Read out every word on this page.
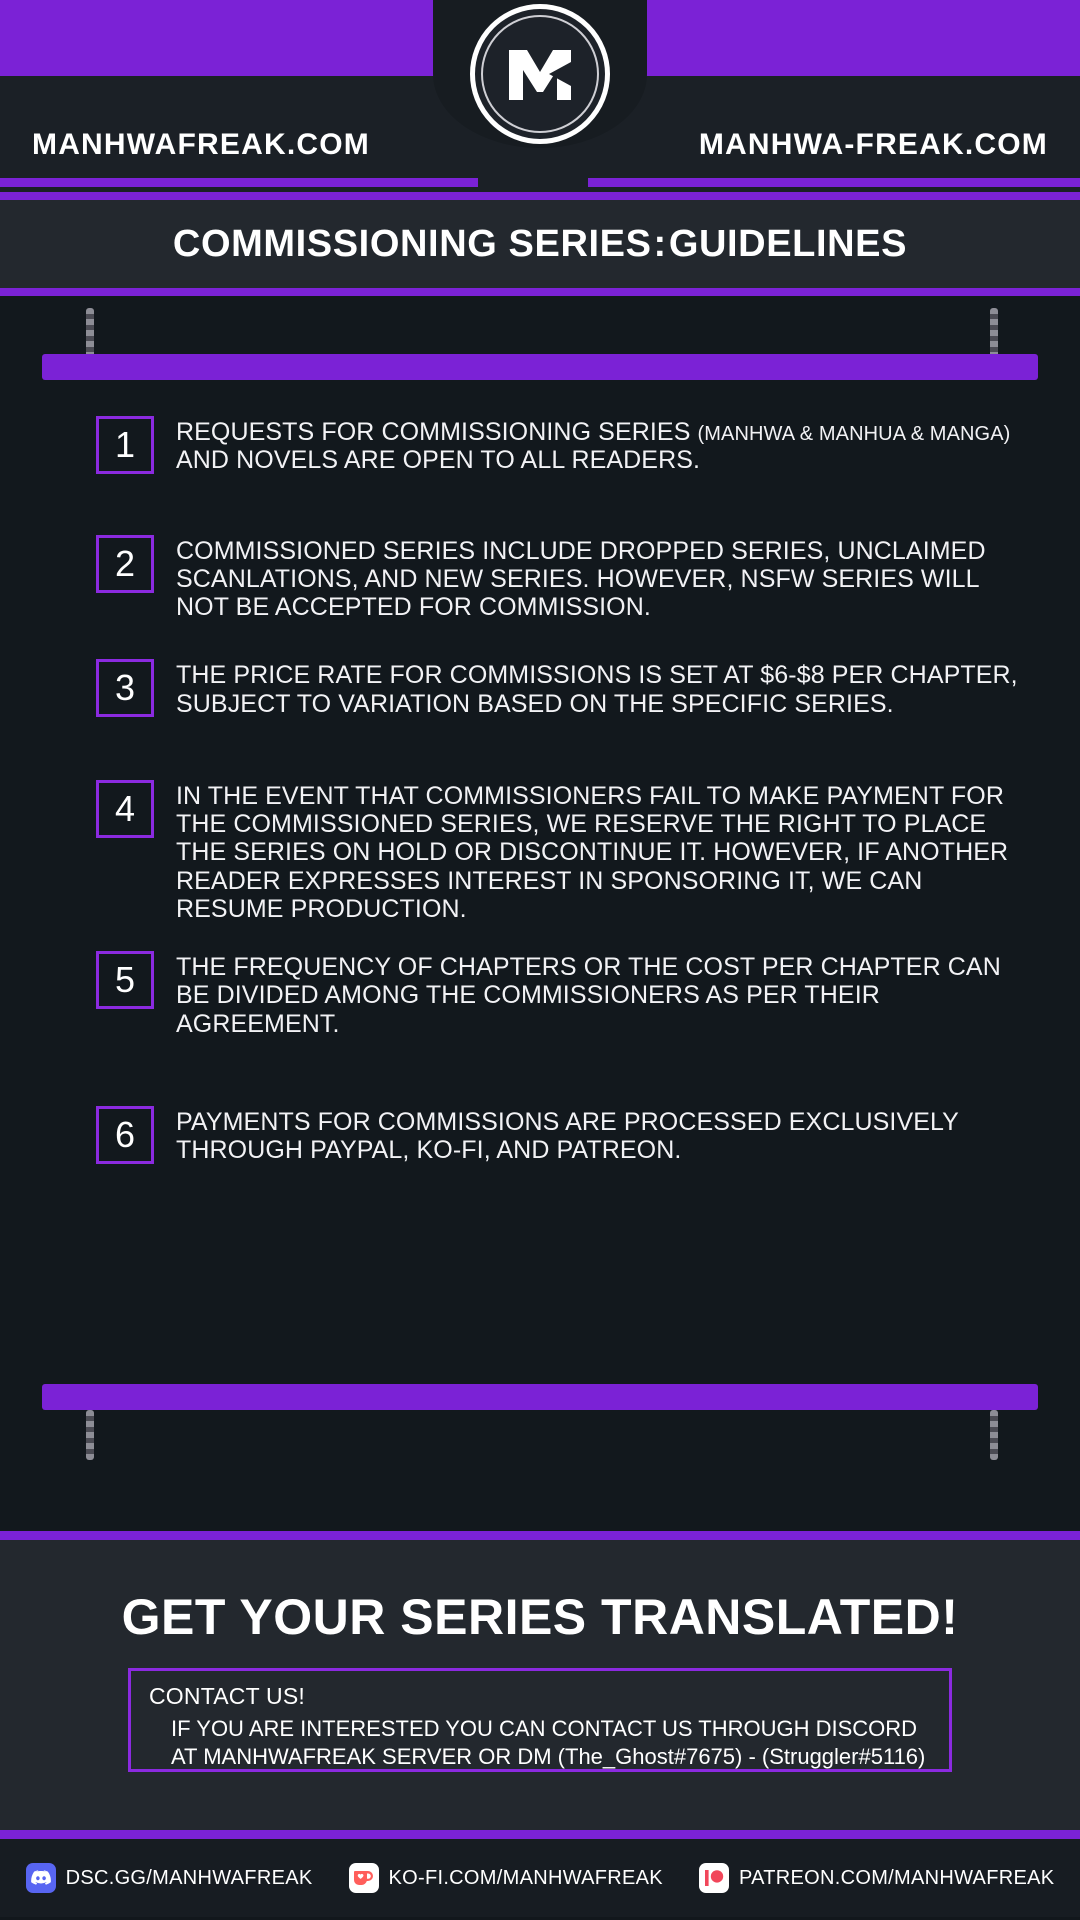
MANHWAFREAK.COM	MANHWA-FREAK.COM
COMMISSIONING SERIES:GUIDELINES
1	REQUESTS FOR COMMISSIONING SERIES (MANHWA & MANHUA & MANGA) AND NOVELS ARE OPEN TO ALL READERS.
2	COMMISSIONED SERIES INCLUDE DROPPED SERIES, UNCLAIMED SCANLATIONS, AND NEW SERIES. HOWEVER, NSFW SERIES WILL NOT BE ACCEPTED FOR COMMISSION.
3	THE PRICE RATE FOR COMMISSIONS IS SET AT $6-$8 PER CHAPTER, SUBJECT TO VARIATION BASED ON THE SPECIFIC SERIES.
4	IN THE EVENT THAT COMMISSIONERS FAIL TO MAKE PAYMENT FOR THE COMMISSIONED SERIES, WE RESERVE THE RIGHT TO PLACE THE SERIES ON HOLD OR DISCONTINUE IT. HOWEVER, IF ANOTHER READER EXPRESSES INTEREST IN SPONSORING IT, WE CAN RESUME PRODUCTION.
5	THE FREQUENCY OF CHAPTERS OR THE COST PER CHAPTER CAN BE DIVIDED AMONG THE COMMISSIONERS AS PER THEIR AGREEMENT.
6	PAYMENTS FOR COMMISSIONS ARE PROCESSED EXCLUSIVELY THROUGH PAYPAL, KO-FI, AND PATREON.
GET YOUR SERIES TRANSLATED!
CONTACT US!
IF YOU ARE INTERESTED YOU CAN CONTACT US THROUGH DISCORD
AT MANHWAFREAK SERVER OR DM (The_Ghost#7675) - (Struggler#5116)
DSC.GG/MANHWAFREAK	KO-FI.COM/MANHWAFREAK	PATREON.COM/MANHWAFREAK
